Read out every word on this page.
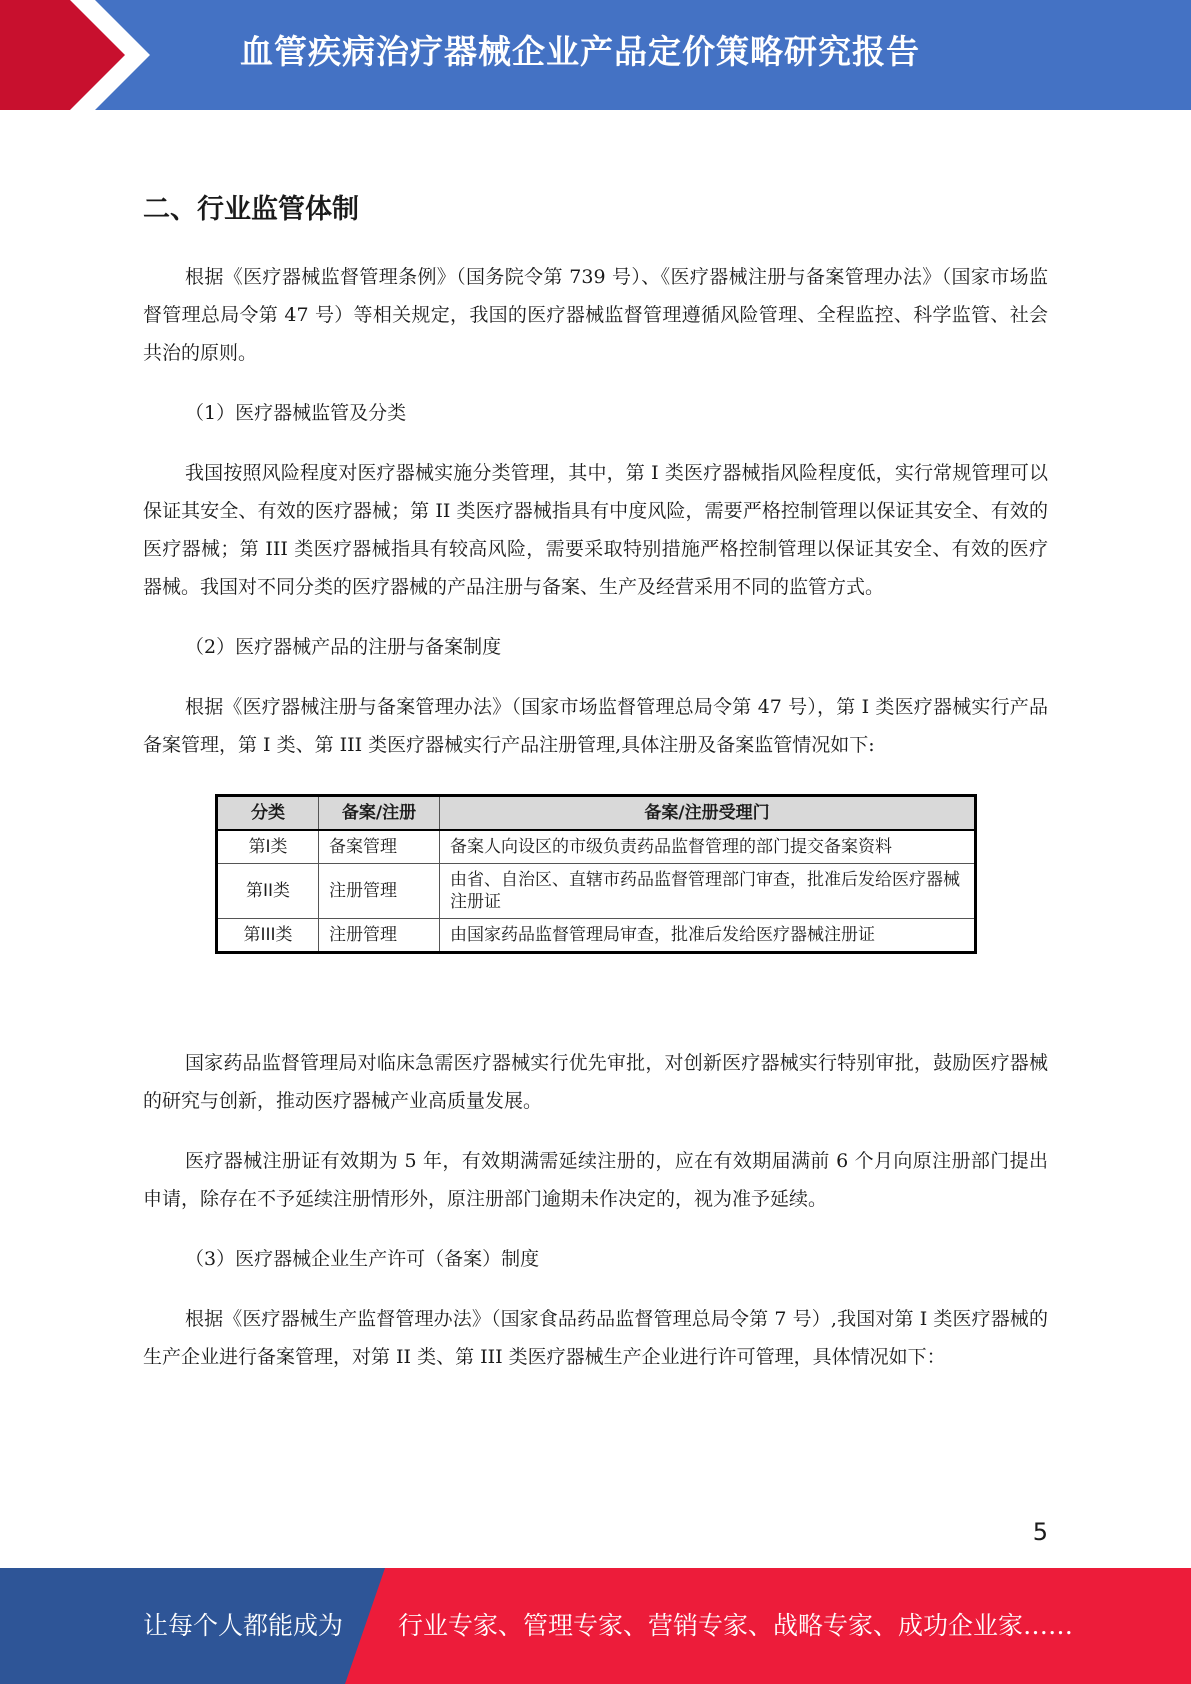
血管疾病治疗器械企业产品定价策略研究报告
二、行业监管体制

根据《医疗器械监督管理条例》（国务院令第 739 号）、《医疗器械注册与备案管理办法》（国家市场监督管理总局令第 47 号）等相关规定，我国的医疗器械监督管理遵循风险管理、全程监控、科学监管、社会共治的原则。

（1）医疗器械监管及分类

我国按照风险程度对医疗器械实施分类管理，其中，第 I 类医疗器械指风险程度低，实行常规管理可以保证其安全、有效的医疗器械；第 II 类医疗器械指具有中度风险，需要严格控制管理以保证其安全、有效的医疗器械；第 III 类医疗器械指具有较高风险，需要采取特别措施严格控制管理以保证其安全、有效的医疗器械。我国对不同分类的医疗器械的产品注册与备案、生产及经营采用不同的监管方式。

（2）医疗器械产品的注册与备案制度

根据《医疗器械注册与备案管理办法》（国家市场监督管理总局令第 47 号），第 I 类医疗器械实行产品备案管理，第 I 类、第 III 类医疗器械实行产品注册管理,具体注册及备案监管情况如下:

分类	备案/注册	备案/注册受理门
第I类	备案管理	备案人向设区的市级负责药品监督管理的部门提交备案资料
第II类	注册管理	由省、自治区、直辖市药品监督管理部门审查，批准后发给医疗器械注册证
第III类	注册管理	由国家药品监督管理局审查，批准后发给医疗器械注册证

国家药品监督管理局对临床急需医疗器械实行优先审批，对创新医疗器械实行特别审批，鼓励医疗器械的研究与创新，推动医疗器械产业高质量发展。

医疗器械注册证有效期为 5 年，有效期满需延续注册的，应在有效期届满前 6 个月向原注册部门提出申请，除存在不予延续注册情形外，原注册部门逾期未作决定的，视为准予延续。

（3）医疗器械企业生产许可（备案）制度

根据《医疗器械生产监督管理办法》（国家食品药品监督管理总局令第 7 号）,我国对第 I 类医疗器械的生产企业进行备案管理，对第 II 类、第 III 类医疗器械生产企业进行许可管理，具体情况如下：

5
让每个人都能成为 行业专家、管理专家、营销专家、战略专家、成功企业家……
